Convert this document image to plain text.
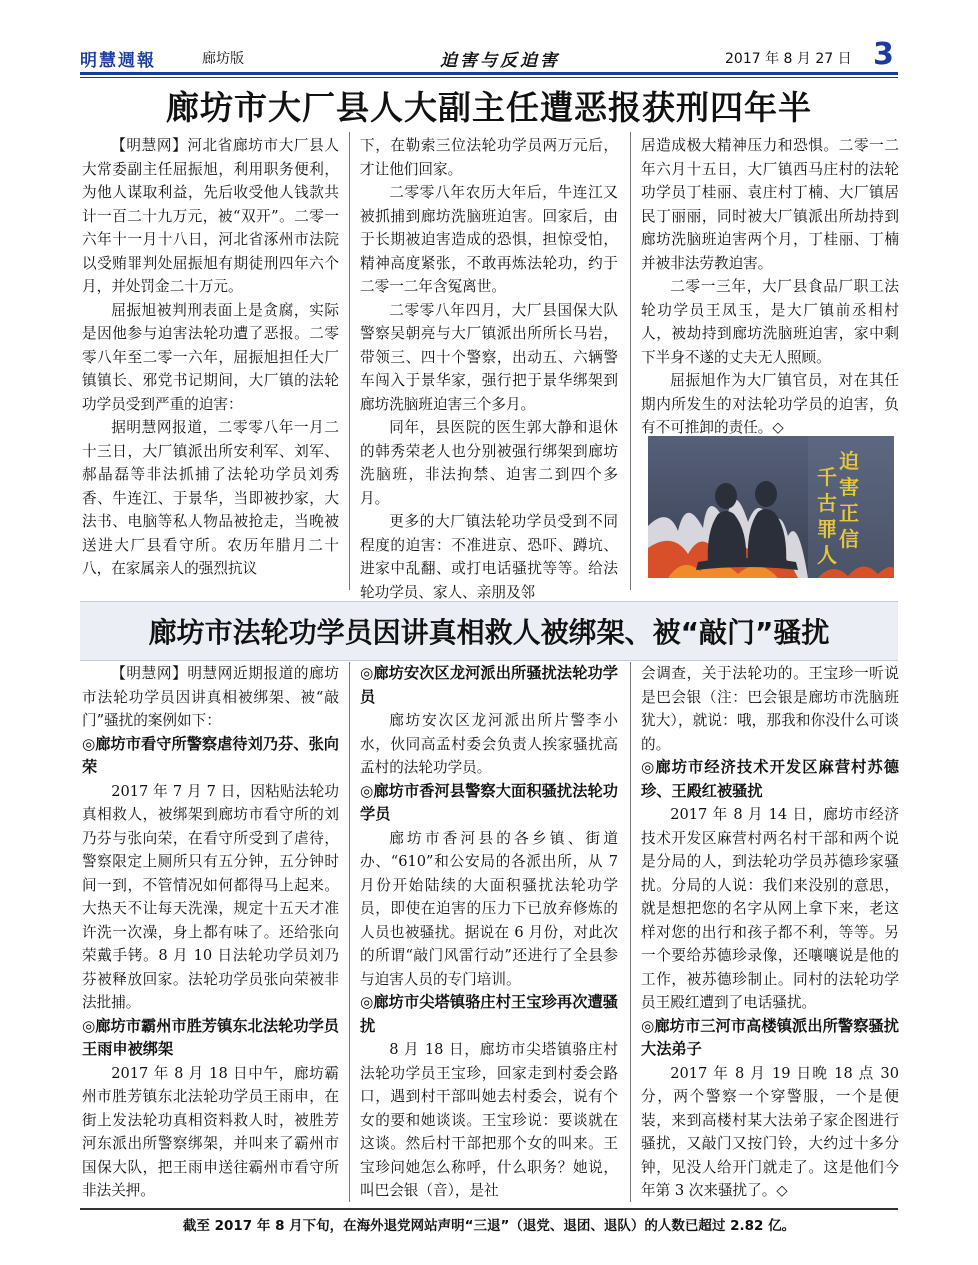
明慧週報	廊坊版	迫害与反迫害	2017 年 8 月 27 日 3
廊坊市大厂县人大副主任遭恶报获刑四年半

【明慧网】河北省廊坊市大厂县人大常委副主任屈振旭，利用职务便利，为他人谋取利益，先后收受他人钱款共计一百二十九万元，被“双开”。二零一六年十一月十八日，河北省涿州市法院以受贿罪判处屈振旭有期徒刑四年六个月，并处罚金二十万元。

屈振旭被判刑表面上是贪腐，实际是因他参与迫害法轮功遭了恶报。二零零八年至二零一六年，屈振旭担任大厂镇镇长、邪党书记期间，大厂镇的法轮功学员受到严重的迫害：

据明慧网报道，二零零八年一月二十三日，大厂镇派出所安利军、刘军、郝晶磊等非法抓捕了法轮功学员刘秀香、牛连江、于景华，当即被抄家，大法书、电脑等私人物品被抢走，当晚被送进大厂县看守所。农历年腊月二十八，在家属亲人的强烈抗议

下，在勒索三位法轮功学员两万元后，才让他们回家。

二零零八年农历大年后，牛连江又被抓捕到廊坊洗脑班迫害。回家后，由于长期被迫害造成的恐惧，担惊受怕，精神高度紧张，不敢再炼法轮功，约于二零一二年含冤离世。

二零零八年四月，大厂县国保大队警察吴朝亮与大厂镇派出所所长马岩，带领三、四十个警察，出动五、六辆警车闯入于景华家，强行把于景华绑架到廊坊洗脑班迫害三个多月。

同年，县医院的医生郭大静和退休的韩秀荣老人也分别被强行绑架到廊坊洗脑班，非法拘禁、迫害二到四个多月。

更多的大厂镇法轮功学员受到不同程度的迫害：不准进京、恐吓、蹲坑、进家中乱翻、或打电话骚扰等等。给法轮功学员、家人、亲朋及邻

居造成极大精神压力和恐惧。二零一二年六月十五日，大厂镇西马庄村的法轮功学员丁桂丽、袁庄村丁楠、大厂镇居民丁丽丽，同时被大厂镇派出所劫持到廊坊洗脑班迫害两个月，丁桂丽、丁楠并被非法劳教迫害。

二零一三年，大厂县食品厂职工法轮功学员王凤玉，是大厂镇前丞相村人，被劫持到廊坊洗脑班迫害，家中剩下半身不遂的丈夫无人照顾。

屈振旭作为大厂镇官员，对在其任期内所发生的对法轮功学员的迫害，负有不可推卸的责任。◇

迫害正信
千古罪人
廊坊市法轮功学员因讲真相救人被绑架、被“敲门”骚扰

【明慧网】明慧网近期报道的廊坊市法轮功学员因讲真相被绑架、被“敲门”骚扰的案例如下：

◎廊坊市看守所警察虐待刘乃芬、张向荣

2017 年 7 月 7 日，因粘贴法轮功真相救人，被绑架到廊坊市看守所的刘乃芬与张向荣，在看守所受到了虐待，警察限定上厕所只有五分钟，五分钟时间一到，不管情况如何都得马上起来。大热天不让每天洗澡，规定十五天才准许洗一次澡，身上都有味了。还给张向荣戴手铐。8 月 10 日法轮功学员刘乃芬被释放回家。法轮功学员张向荣被非法批捕。

◎廊坊市霸州市胜芳镇东北法轮功学员王雨申被绑架

2017 年 8 月 18 日中午，廊坊霸州市胜芳镇东北法轮功学员王雨申，在街上发法轮功真相资料救人时，被胜芳河东派出所警察绑架，并叫来了霸州市国保大队，把王雨申送往霸州市看守所非法关押。

◎廊坊安次区龙河派出所骚扰法轮功学员

廊坊安次区龙河派出所片警李小水，伙同高孟村委会负责人挨家骚扰高孟村的法轮功学员。

◎廊坊市香河县警察大面积骚扰法轮功学员

廊坊市香河县的各乡镇、街道办、“610”和公安局的各派出所，从 7 月份开始陆续的大面积骚扰法轮功学员，即使在迫害的压力下已放弃修炼的人员也被骚扰。据说在 6 月份，对此次的所谓“敲门风雷行动”还进行了全县参与迫害人员的专门培训。

◎廊坊市尖塔镇骆庄村王宝珍再次遭骚扰

8 月 18 日，廊坊市尖塔镇骆庄村法轮功学员王宝珍，回家走到村委会路口，遇到村干部叫她去村委会，说有个女的要和她谈谈。王宝珍说：要谈就在这谈。然后村干部把那个女的叫来。王宝珍问她怎么称呼，什么职务？她说，叫巴会银（音），是社

会调查，关于法轮功的。王宝珍一听说是巴会银（注：巴会银是廊坊市洗脑班犹大），就说：哦，那我和你没什么可谈的。

◎廊坊市经济技术开发区麻营村苏德珍、王殿红被骚扰

2017 年 8 月 14 日，廊坊市经济技术开发区麻营村两名村干部和两个说是分局的人，到法轮功学员苏德珍家骚扰。分局的人说：我们来没别的意思，就是想把您的名字从网上拿下来，老这样对您的出行和孩子都不利，等等。另一个要给苏德珍录像，还嚷嚷说是他的工作，被苏德珍制止。同村的法轮功学员王殿红遭到了电话骚扰。

◎廊坊市三河市高楼镇派出所警察骚扰大法弟子

2017 年 8 月 19 日晚 18 点 30 分，两个警察一个穿警服，一个是便装，来到高楼村某大法弟子家企图进行骚扰，又敲门又按门铃，大约过十多分钟，见没人给开门就走了。这是他们今年第 3 次来骚扰了。◇

截至 2017 年 8 月下旬，在海外退党网站声明“三退”（退党、退团、退队）的人数已超过 2.82 亿。
